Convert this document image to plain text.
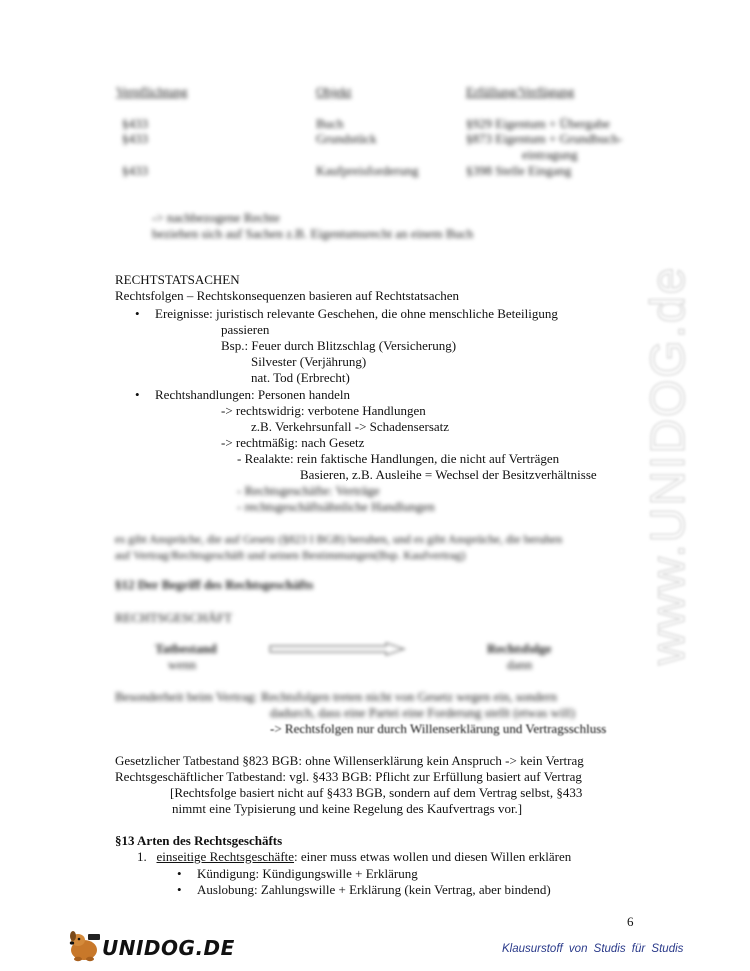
Verpflichtung	Objekt	Erfüllung/Verfügung
§433	Buch	§929 Eigentum + Übergabe
§433	Grundstück	§873 Eigentum + Grundbuch-
eintragung
§433	Kaufpreisforderung	§398 Stelle Eingang
-> nachbezogene Rechte
beziehen sich auf Sachen z.B. Eigentumsrecht an einem Buch
RECHTSTATSACHEN
Rechtsfolgen – Rechtskonsequenzen basieren auf Rechtstatsachen
• Ereignisse: juristisch relevante Geschehen, die ohne menschliche Beteiligung
passieren
Bsp.: Feuer durch Blitzschlag (Versicherung)
Silvester (Verjährung)
nat. Tod (Erbrecht)
• Rechtshandlungen: Personen handeln
-> rechtswidrig: verbotene Handlungen
z.B. Verkehrsunfall -> Schadensersatz
-> rechtmäßig: nach Gesetz
- Realakte: rein faktische Handlungen, die nicht auf Verträgen
Basieren, z.B. Ausleihe = Wechsel der Besitzverhältnisse
- Rechtsgeschäfte: Verträge
- rechtsgeschäftsähnliche Handlungen
es gibt Ansprüche, die auf Gesetz (§823 I BGB) beruhen, und es gibt Ansprüche, die beruhen
auf Vertrag/Rechtsgeschäft und seinen Bestimmungen(Bsp. Kaufvertrag)
§12 Der Begriff des Rechtsgeschäfts
RECHTSGESCHÄFT
Tatbestand
wenn
Rechtsfolge
dann
Besonderheit beim Vertrag: Rechtsfolgen treten nicht von Gesetz wegen ein, sondern
dadurch, dass eine Partei eine Forderung stellt (etwas will)
-> Rechtsfolgen nur durch Willenserklärung und Vertragsschluss
Gesetzlicher Tatbestand §823 BGB: ohne Willenserklärung kein Anspruch -> kein Vertrag
Rechtsgeschäftlicher Tatbestand: vgl. §433 BGB: Pflicht zur Erfüllung basiert auf Vertrag
[Rechtsfolge basiert nicht auf §433 BGB, sondern auf dem Vertrag selbst, §433
nimmt eine Typisierung und keine Regelung des Kaufvertrags vor.]
§13 Arten des Rechtsgeschäfts
1. einseitige Rechtsgeschäfte: einer muss etwas wollen und diesen Willen erklären
• Kündigung: Kündigungswille + Erklärung
• Auslobung: Zahlungswille + Erklärung (kein Vertrag, aber bindend)
www.UNIDOG.de
6
UNIDOG.DE	Klausurstoff von Studis für Studis
